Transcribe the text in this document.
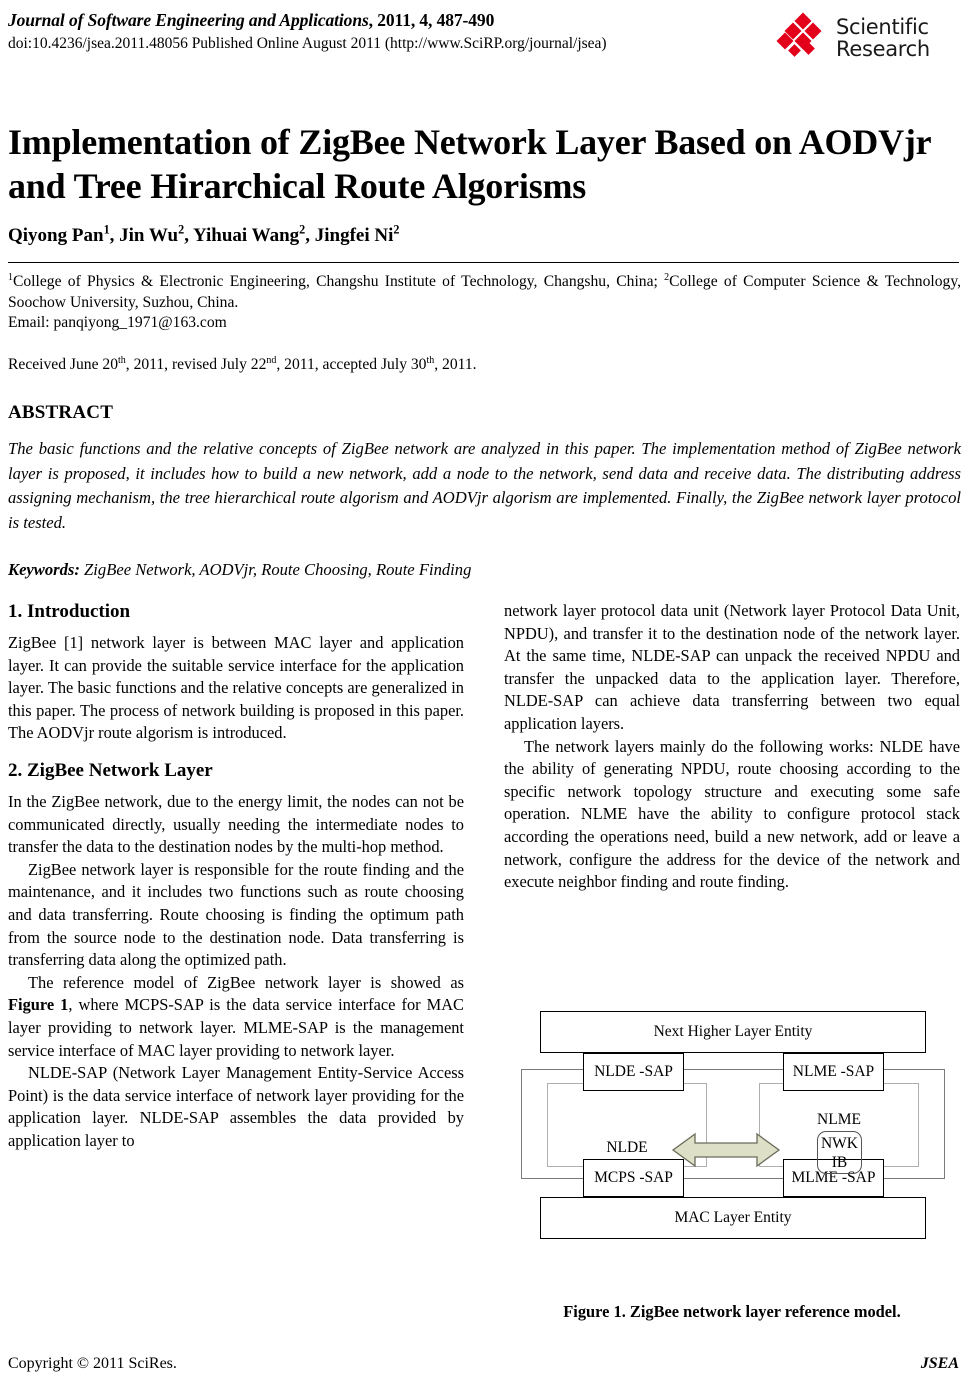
Journal of Software Engineering and Applications, 2011, 4, 487-490
doi:10.4236/jsea.2011.48056 Published Online August 2011 (http://www.SciRP.org/journal/jsea)
Scientific
Research
Implementation of ZigBee Network Layer Based on AODVjr and Tree Hirarchical Route Algorisms
Qiyong Pan$^1$, Jin Wu$^2$, Yihuai Wang$^2$, Jingfei Ni$^2$
$^1$College of Physics & Electronic Engineering, Changshu Institute of Technology, Changshu, China; $^2$College of Computer Science & Technology, Soochow University, Suzhou, China.
Email: panqiyong_1971@163.com
Received June 20th, 2011, revised July 22nd, 2011, accepted July 30th, 2011.
ABSTRACT
The basic functions and the relative concepts of ZigBee network are analyzed in this paper. The implementation method of ZigBee network layer is proposed, it includes how to build a new network, add a node to the network, send data and receive data. The distributing address assigning mechanism, the tree hierarchical route algorism and AODVjr algorism are implemented. Finally, the ZigBee network layer protocol is tested.
Keywords: ZigBee Network, AODVjr, Route Choosing, Route Finding
1. Introduction

ZigBee [1] network layer is between MAC layer and application layer. It can provide the suitable service interface for the application layer. The basic functions and the relative concepts are generalized in this paper. The process of network building is proposed in this paper. The AODVjr route algorism is introduced.

2. ZigBee Network Layer

In the ZigBee network, due to the energy limit, the nodes can not be communicated directly, usually needing the intermediate nodes to transfer the data to the destination nodes by the multi-hop method.

ZigBee network layer is responsible for the route finding and the maintenance, and it includes two functions such as route choosing and data transferring. Route choosing is finding the optimum path from the source node to the destination node. Data transferring is transferring data along the optimized path.

The reference model of ZigBee network layer is showed as Figure 1, where MCPS-SAP is the data service interface for MAC layer providing to network layer. MLME-SAP is the management service interface of MAC layer providing to network layer.

NLDE-SAP (Network Layer Management Entity-Service Access Point) is the data service interface of network layer providing for the application layer. NLDE-SAP assembles the data provided by application layer to

network layer protocol data unit (Network layer Protocol Data Unit, NPDU), and transfer it to the destination node of the network layer. At the same time, NLDE-SAP can unpack the received NPDU and transfer the unpacked data to the application layer. Therefore, NLDE-SAP can achieve data transferring between two equal application layers.

The network layers mainly do the following works: NLDE have the ability of generating NPDU, route choosing according to the specific network topology structure and executing some safe operation. NLME have the ability to configure protocol stack according the operations need, build a new network, add or leave a network, configure the address for the device of the network and execute neighbor finding and route finding.

Next Higher Layer Entity
NLDE -SAP	NLME -SAP
MCPS -SAP	MLME -SAP
NLDE
NLME
NWK
IB
MAC Layer Entity
Figure 1. ZigBee network layer reference model.
Copyright © 2011 SciRes.	JSEA
